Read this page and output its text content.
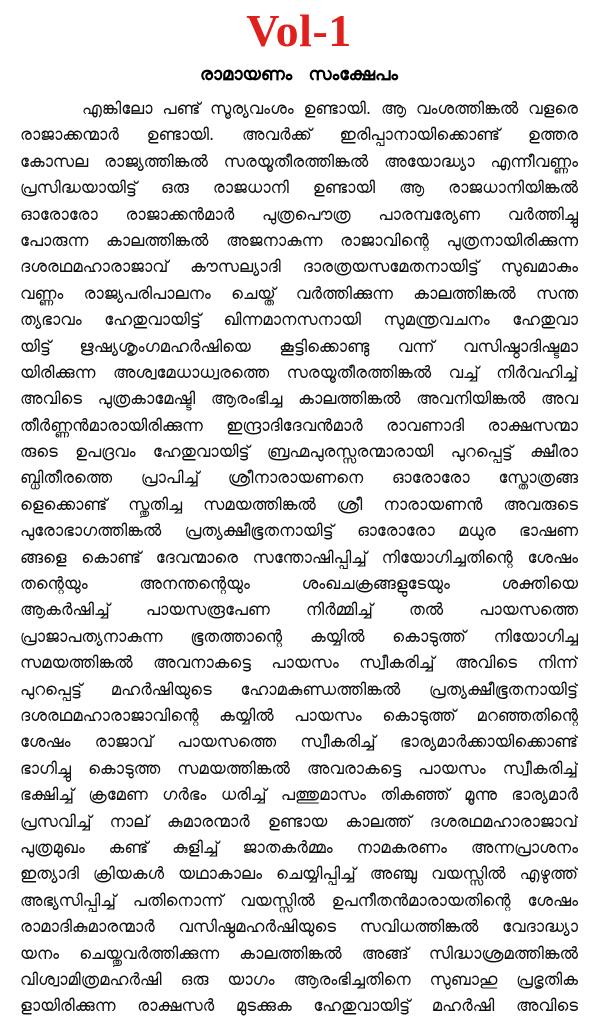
Vol-1
രാമായണം സംക്ഷേപം
എങ്കിലോ പണ്ട് സൂര്യവംശം ഉണ്ടായി. ആ വംശത്തിങ്കൽ വളരെ
രാജാക്കന്മാർ ഉണ്ടായി. അവർക്ക് ഇരിപ്പാനായിക്കൊണ്ട് ഉത്തര
കോസല രാജ്യത്തിങ്കൽ സരയൂതീരത്തിങ്കൽ അയോദ്ധ്യാ എന്നീവണ്ണം
പ്രസിദ്ധയായിട്ട് ഒരു രാജധാനി ഉണ്ടായി ആ രാജധാനിയിങ്കൽ
ഓരോരോ രാജാക്കൻമാർ പുത്രപൌത്ര പാരമ്പര്യേണ വർത്തിച്ചു
പോരുന്ന കാലത്തിങ്കൽ അജനാകുന്ന രാജാവിന്റെ പുത്രനായിരിക്കുന്ന
ദശരഥമഹാരാജാവ് കൗസല്യാദി ദാരത്രയസമേതനായിട്ട് സുഖമാകും
വണ്ണം രാജ്യപരിപാലനം ചെയ്ത് വർത്തിക്കുന്ന കാലത്തിങ്കൽ സന്ത
ത്യഭാവം ഹേതുവായിട്ട് ഖിന്നമാനസനായി സുമന്ത്രവചനം ഹേതുവാ
യിട്ട് ഋഷ്യശൃംഗമഹർഷിയെ കൂട്ടിക്കൊണ്ടു വന്ന് വസിഷ്ഠാദിഷ്ടമാ
യിരിക്കുന്ന അശ്വമേധാധ്വരത്തെ സരയൂതീരത്തിങ്കൽ വച്ച് നിർവഹിച്ച്
അവിടെ പുത്രകാമേഷ്ടി ആരംഭിച്ച കാലത്തിങ്കൽ അവനിയിങ്കൽ അവ
തീർണ്ണൻമാരായിരിക്കുന്ന ഇന്ദ്രാദിദേവൻമാർ രാവണാദി രാക്ഷസന്മാ
രുടെ ഉപദ്രവം ഹേതുവായിട്ട് ബ്രഹ്മപുരസ്സരന്മാരായി പുറപ്പെട്ട് ക്ഷീരാ
ബ്ധിതീരത്തെ പ്രാപിച്ച് ശ്രീനാരായണനെ ഓരോരോ സ്തോത്രങ്ങ
ളെക്കൊണ്ട് സ്തുതിച്ച സമയത്തിങ്കൽ ശ്രീ നാരായണൻ അവരുടെ
പുരോഭാഗത്തിങ്കൽ പ്രത്യക്ഷീഭൂതനായിട്ട് ഓരോരോ മധുര ഭാഷണ
ങ്ങളെ കൊണ്ട് ദേവന്മാരെ സന്തോഷിപ്പിച്ച് നിയോഗിച്ചതിന്റെ ശേഷം
തന്റെയും അനന്തന്റെയും ശംഖചക്രങ്ങളുടേയും ശക്തിയെ
ആകർഷിച്ച് പായസരൂപേണ നിർമ്മിച്ച് തൽ പായസത്തെ
പ്രാജാപത്യനാകുന്ന ഭൂതത്താന്റെ കയ്യിൽ കൊടുത്ത് നിയോഗിച്ച
സമയത്തിങ്കൽ അവനാകട്ടെ പായസം സ്വീകരിച്ച് അവിടെ നിന്ന്
പുറപ്പെട്ട് മഹർഷിയുടെ ഹോമകുണ്ഡത്തിങ്കൽ പ്രത്യക്ഷീഭൂതനായിട്ട്
ദശരഥമഹാരാജാവിന്റെ കയ്യിൽ പായസം കൊടുത്ത് മറഞ്ഞതിന്റെ
ശേഷം രാജാവ് പായസത്തെ സ്വീകരിച്ച് ഭാര്യമാർക്കായിക്കൊണ്ട്
ഭാഗിച്ചു കൊടുത്ത സമയത്തിങ്കൽ അവരാകട്ടെ പായസം സ്വീകരിച്ച്
ഭക്ഷിച്ച് ക്രമേണ ഗർഭം ധരിച്ച് പത്തുമാസം തികഞ്ഞ് മൂന്നു ഭാര്യമാർ
പ്രസവിച്ച് നാല് കുമാരന്മാർ ഉണ്ടായ കാലത്ത് ദശരഥമഹാരാജാവ്
പുത്രമുഖം കണ്ട് കുളിച്ച് ജാതകർമ്മം നാമകരണം അന്നപ്രാശനം
ഇത്യാദി ക്രിയകൾ യഥാകാലം ചെയ്യിപ്പിച്ച് അഞ്ചു വയസ്സിൽ എഴുത്ത്
അഭ്യസിപ്പിച്ച് പതിനൊന്ന് വയസ്സിൽ ഉപനീതൻമാരായതിന്റെ ശേഷം
രാമാദികുമാരന്മാർ വസിഷ്ഠമഹർഷിയുടെ സവിധത്തിങ്കൽ വേദാദ്ധ്യാ
യനം ചെയ്തുവർത്തിക്കുന്ന കാലത്തിങ്കൽ അങ്ങ് സിദ്ധാശ്രമത്തിങ്കൽ
വിശ്വാമിത്രമഹർഷി ഒരു യാഗം ആരംഭിച്ചതിനെ സുബാഹു പ്രഭൃതിക
ളായിരിക്കുന്ന രാക്ഷസർ മുടക്കുക ഹേതുവായിട്ട് മഹർഷി അവിടെ
